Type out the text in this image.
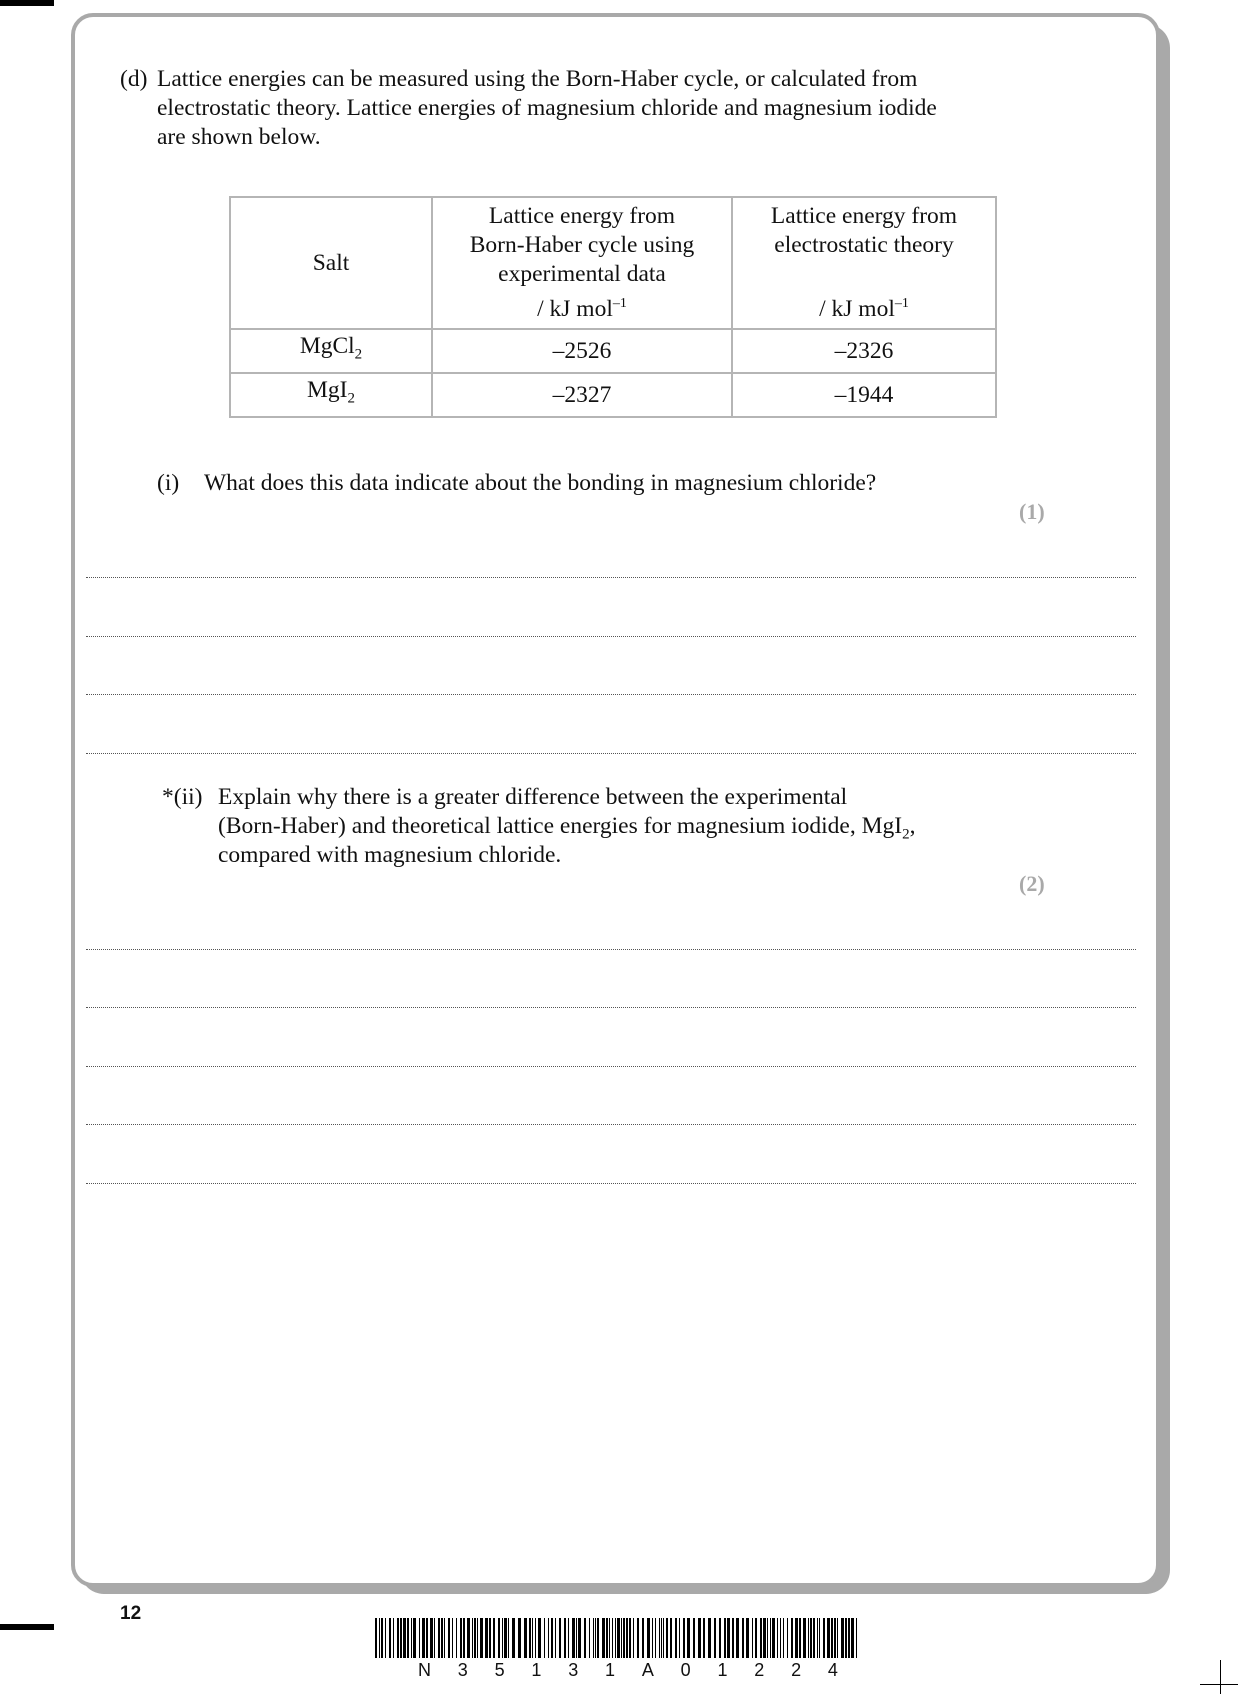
(d) Lattice energies can be measured using the Born-Haber cycle, or calculated from
electrostatic theory. Lattice energies of magnesium chloride and magnesium iodide
are shown below.
Salt	Lattice energy from
Born-Haber cycle using
experimental data
/ kJ mol$^{-1}$	Lattice energy from
electrostatic theory

/ kJ mol$^{-1}$
MgCl$_2$	–2526	–2326
MgI$_2$	–2327	–1944
(i) What does this data indicate about the bonding in magnesium chloride?
(1)
*(ii) Explain why there is a greater difference between the experimental
(Born-Haber) and theoretical lattice energies for magnesium iodide, MgI$_2$,
compared with magnesium chloride.
(2)
12
N 3 5 1 3 1 A 0 1 2 2 4
